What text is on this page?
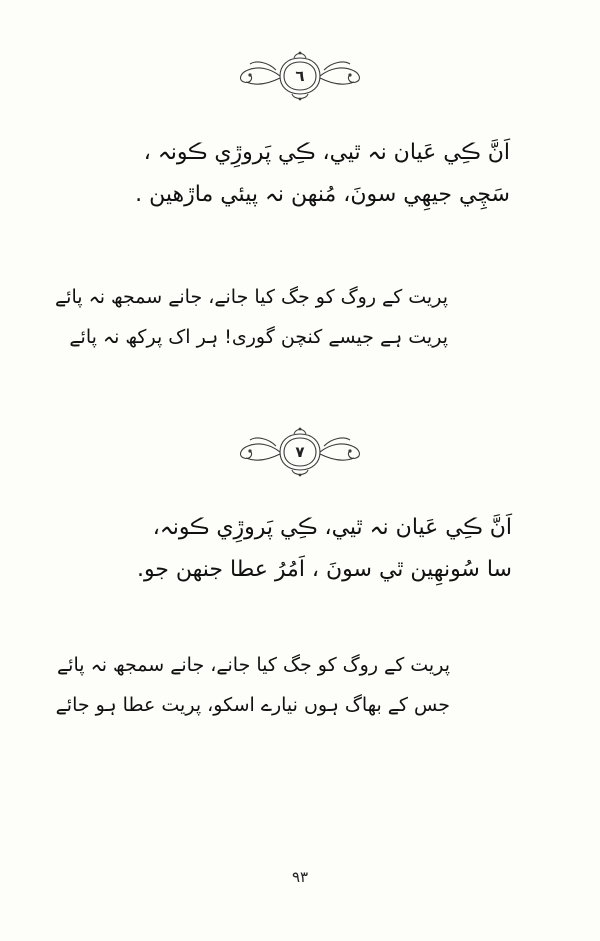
٦
اَنَّ ڪِي عَيان نہ ٿيي، ڪِي پَروڙِي ڪونہ ،
سَچِي جيھِي سونَ، مُنھن نہ پيئي ماڙھين .
پریت کے روگ کو جگ کیا جانے، جانے سمجھ نہ پائے
پریت ہے جیسے کنچن گوری! ہر اک پرکھ نہ پائے
٧
اَنَّ ڪِي عَيان نہ ٿيي، ڪِي پَروڙِي ڪونہ،
سا سُونھِين ٿي سونَ ، اَمُرُ عطا جنھن جو.
پریت کے روگ کو جگ کیا جانے، جانے سمجھ نہ پائے
جس کے بھاگ ہوں نیارے اسکو، پریت عطا ہو جائے
٩٣
